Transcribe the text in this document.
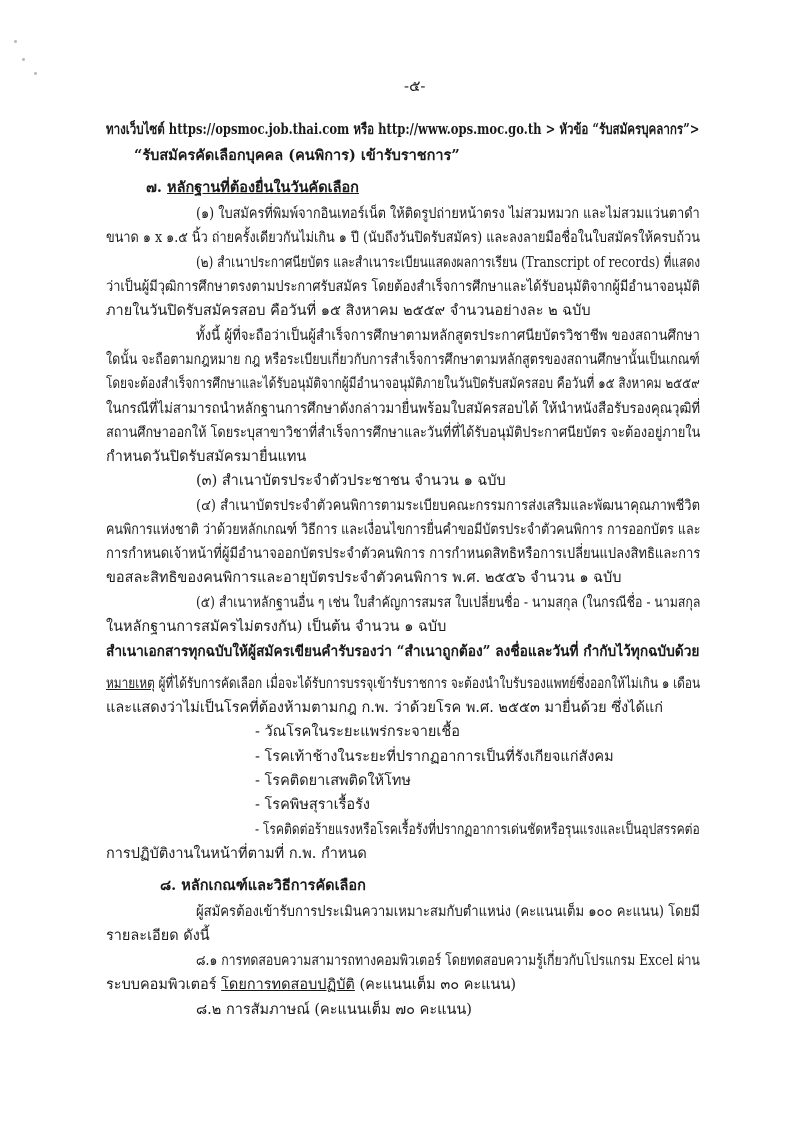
-๕-
ทางเว็บไซต์ https://opsmoc.job.thai.com หรือ http://www.ops.moc.go.th > หัวข้อ “รับสมัครบุคลากร”>
“รับสมัครคัดเลือกบุคคล (คนพิการ) เข้ารับราชการ”
๗. หลักฐานที่ต้องยื่นในวันคัดเลือก
(๑) ใบสมัครที่พิมพ์จากอินเทอร์เน็ต ให้ติดรูปถ่ายหน้าตรง ไม่สวมหมวก และไม่สวมแว่นตาดำ
ขนาด ๑ x ๑.๕ นิ้ว ถ่ายครั้งเดียวกันไม่เกิน ๑ ปี (นับถึงวันปิดรับสมัคร) และลงลายมือชื่อในใบสมัครให้ครบถ้วน
(๒) สำเนาประกาศนียบัตร และสำเนาระเบียนแสดงผลการเรียน (Transcript of records) ที่แสดง
ว่าเป็นผู้มีวุฒิการศึกษาตรงตามประกาศรับสมัคร โดยต้องสำเร็จการศึกษาและได้รับอนุมัติจากผู้มีอำนาจอนุมัติ
ภายในวันปิดรับสมัครสอบ คือวันที่ ๑๕ สิงหาคม ๒๕๕๙ จำนวนอย่างละ ๒ ฉบับ
ทั้งนี้ ผู้ที่จะถือว่าเป็นผู้สำเร็จการศึกษาตามหลักสูตรประกาศนียบัตรวิชาชีพ ของสถานศึกษา
ใดนั้น จะถือตามกฎหมาย กฎ หรือระเบียบเกี่ยวกับการสำเร็จการศึกษาตามหลักสูตรของสถานศึกษานั้นเป็นเกณฑ์
โดยจะต้องสำเร็จการศึกษาและได้รับอนุมัติจากผู้มีอำนาจอนุมัติภายในวันปิดรับสมัครสอบ คือวันที่ ๑๕ สิงหาคม ๒๕๕๙
ในกรณีที่ไม่สามารถนำหลักฐานการศึกษาดังกล่าวมายื่นพร้อมใบสมัครสอบได้ ให้นำหนังสือรับรองคุณวุฒิที่
สถานศึกษาออกให้ โดยระบุสาขาวิชาที่สำเร็จการศึกษาและวันที่ที่ได้รับอนุมัติประกาศนียบัตร จะต้องอยู่ภายใน
กำหนดวันปิดรับสมัครมายื่นแทน
(๓) สำเนาบัตรประจำตัวประชาชน จำนวน ๑ ฉบับ
(๔) สำเนาบัตรประจำตัวคนพิการตามระเบียบคณะกรรมการส่งเสริมและพัฒนาคุณภาพชีวิต
คนพิการแห่งชาติ ว่าด้วยหลักเกณฑ์ วิธีการ และเงื่อนไขการยื่นคำขอมีบัตรประจำตัวคนพิการ การออกบัตร และ
การกำหนดเจ้าหน้าที่ผู้มีอำนาจออกบัตรประจำตัวคนพิการ การกำหนดสิทธิหรือการเปลี่ยนแปลงสิทธิและการ
ขอสละสิทธิของคนพิการและอายุบัตรประจำตัวคนพิการ พ.ศ. ๒๕๕๖ จำนวน ๑ ฉบับ
(๕) สำเนาหลักฐานอื่น ๆ เช่น ใบสำคัญการสมรส ใบเปลี่ยนชื่อ - นามสกุล (ในกรณีชื่อ - นามสกุล
ในหลักฐานการสมัครไม่ตรงกัน) เป็นต้น จำนวน ๑ ฉบับ
สำเนาเอกสารทุกฉบับให้ผู้สมัครเขียนคำรับรองว่า “สำเนาถูกต้อง” ลงชื่อและวันที่ กำกับไว้ทุกฉบับด้วย
หมายเหตุ ผู้ที่ได้รับการคัดเลือก เมื่อจะได้รับการบรรจุเข้ารับราชการ จะต้องนำใบรับรองแพทย์ซึ่งออกให้ไม่เกิน ๑ เดือน
และแสดงว่าไม่เป็นโรคที่ต้องห้ามตามกฎ ก.พ. ว่าด้วยโรค พ.ศ. ๒๕๕๓ มายื่นด้วย ซึ่งได้แก่
- วัณโรคในระยะแพร่กระจายเชื้อ
- โรคเท้าช้างในระยะที่ปรากฏอาการเป็นที่รังเกียจแก่สังคม
- โรคติดยาเสพติดให้โทษ
- โรคพิษสุราเรื้อรัง
- โรคติดต่อร้ายแรงหรือโรคเรื้อรังที่ปรากฏอาการเด่นชัดหรือรุนแรงและเป็นอุปสรรคต่อ
การปฏิบัติงานในหน้าที่ตามที่ ก.พ. กำหนด
๘. หลักเกณฑ์และวิธีการคัดเลือก
ผู้สมัครต้องเข้ารับการประเมินความเหมาะสมกับตำแหน่ง (คะแนนเต็ม ๑๐๐ คะแนน) โดยมี
รายละเอียด ดังนี้
๘.๑ การทดสอบความสามารถทางคอมพิวเตอร์ โดยทดสอบความรู้เกี่ยวกับโปรแกรม Excel ผ่าน
ระบบคอมพิวเตอร์ โดยการทดสอบปฏิบัติ (คะแนนเต็ม ๓๐ คะแนน)
๘.๒ การสัมภาษณ์ (คะแนนเต็ม ๗๐ คะแนน)
